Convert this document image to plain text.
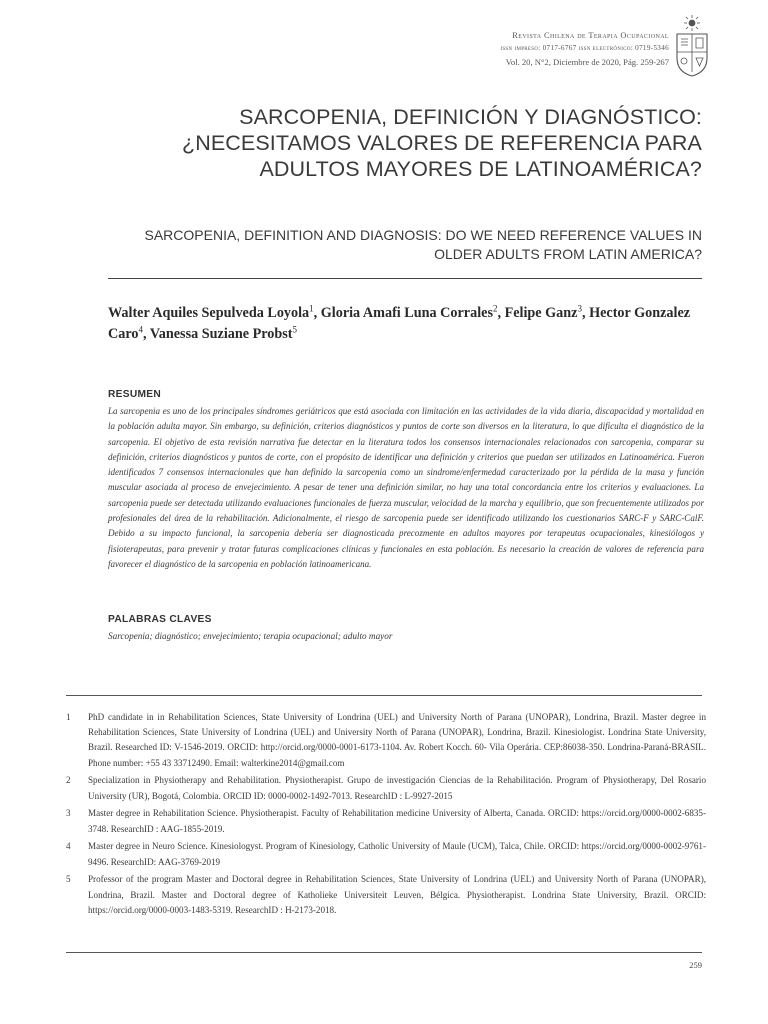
Revista Chilena de Terapia Ocupacional
issn impreso: 0717-6767 issn electrónico: 0719-5346
Vol. 20, N°2, Diciembre de 2020, Pág. 259-267
SARCOPENIA, DEFINICIÓN Y DIAGNÓSTICO:
¿NECESITAMOS VALORES DE REFERENCIA PARA
ADULTOS MAYORES DE LATINOAMÉRICA?
SARCOPENIA, DEFINITION AND DIAGNOSIS: DO WE NEED REFERENCE VALUES IN
OLDER ADULTS FROM LATIN AMERICA?
Walter Aquiles Sepulveda Loyola$^1$, Gloria Amafi Luna Corrales$^2$, Felipe Ganz$^3$, Hector Gonzalez Caro$^4$, Vanessa Suziane Probst$^5$
RESUMEN
La sarcopenia es uno de los principales síndromes geriátricos que está asociada con limitación en las actividades de la vida diaria, discapacidad y mortalidad en la población adulta mayor. Sin embargo, su definición, criterios diagnósticos y puntos de corte son diversos en la literatura, lo que dificulta el diagnóstico de la sarcopenia. El objetivo de esta revisión narrativa fue detectar en la literatura todos los consensos internacionales relacionados con sarcopenia, comparar su definición, criterios diagnósticos y puntos de corte, con el propósito de identificar una definición y criterios que puedan ser utilizados en Latinoamérica. Fueron identificados 7 consensos internacionales que han definido la sarcopenia como un sindrome/enfermedad caracterizado por la pérdida de la masa y función muscular asociada al proceso de envejecimiento. A pesar de tener una definición similar, no hay una total concordancia entre los criterios y evaluaciones. La sarcopenia puede ser detectada utilizando evaluaciones funcionales de fuerza muscular, velocidad de la marcha y equilibrio, que son frecuentemente utilizados por profesionales del área de la rehabilitación. Adicionalmente, el riesgo de sarcopenia puede ser identificado utilizando los cuestionarios SARC-F y SARC-CalF. Debido a su impacto funcional, la sarcopenia debería ser diagnosticada precozmente en adultos mayores por terapeutas ocupacionales, kinesiólogos y fisioterapeutas, para prevenir y tratar futuras complicaciones clínicas y funcionales en esta población. Es necesario la creación de valores de referencia para favorecer el diagnóstico de la sarcopenia en población latinoamericana.
PALABRAS CLAVES
Sarcopenia; diagnóstico; envejecimiento; terapia ocupacional; adulto mayor
1	PhD candidate in in Rehabilitation Sciences, State University of Londrina (UEL) and University North of Parana (UNOPAR), Londrina, Brazil. Master degree in Rehabilitation Sciences, State University of Londrina (UEL) and University North of Parana (UNOPAR), Londrina, Brazil. Kinesiologist. Londrina State University, Brazil. Researched ID: V-1546-2019. ORCID: http://orcid.org/0000-0001-6173-1104. Av. Robert Kocch. 60- Vila Operária. CEP:86038-350. Londrina-Paraná-BRASIL. Phone number: +55 43 33712490. Email: walterkine2014@gmail.com
2	Specialization in Physiotherapy and Rehabilitation. Physiotherapist. Grupo de investigación Ciencias de la Rehabilitación. Program of Physiotherapy, Del Rosario University (UR), Bogotá, Colombia. ORCID ID: 0000-0002-1492-7013. ResearchID : L-9927-2015
3	Master degree in Rehabilitation Science. Physiotherapist. Faculty of Rehabilitation medicine University of Alberta, Canada. ORCID: https://orcid.org/0000-0002-6835-3748. ResearchID : AAG-1855-2019.
4	Master degree in Neuro Science. Kinesiologyst. Program of Kinesiology, Catholic University of Maule (UCM), Talca, Chile. ORCID: https://orcid.org/0000-0002-9761-9496. ResearchID: AAG-3769-2019
5	Professor of the program Master and Doctoral degree in Rehabilitation Sciences, State University of Londrina (UEL) and University North of Parana (UNOPAR), Londrina, Brazil. Master and Doctoral degree of Katholieke Universiteit Leuven, Bélgica. Physiotherapist. Londrina State University, Brazil. ORCID: https://orcid.org/0000-0003-1483-5319. ResearchID : H-2173-2018.
259
